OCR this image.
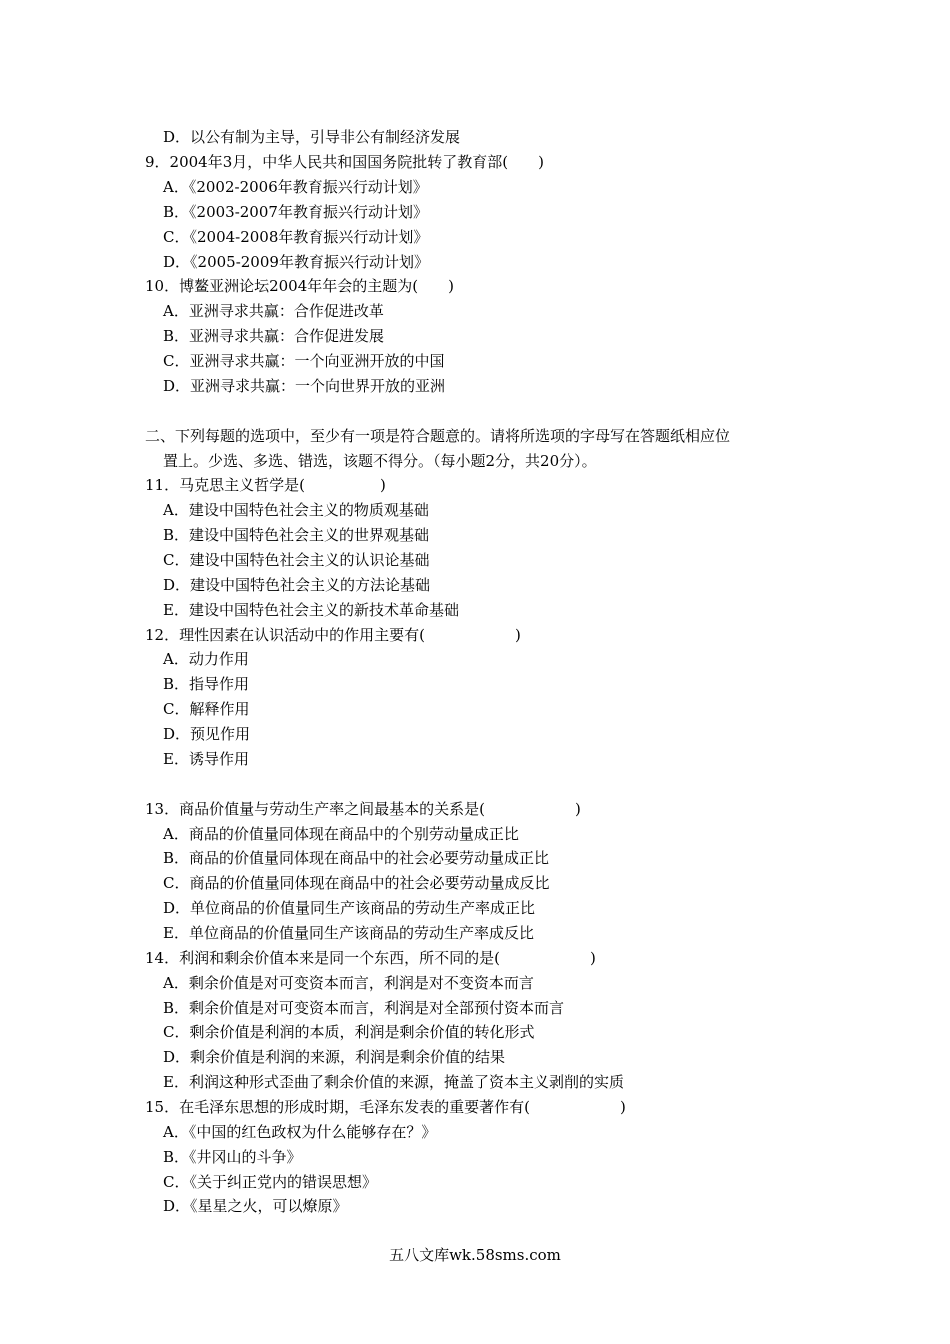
D．以公有制为主导，引导非公有制经济发展
9．2004年3月，中华人民共和国国务院批转了教育部(　　)
A．《2002-2006年教育振兴行动计划》
B．《2003-2007年教育振兴行动计划》
C．《2004-2008年教育振兴行动计划》
D．《2005-2009年教育振兴行动计划》
10．博鳌亚洲论坛2004年年会的主题为(　　)
A．亚洲寻求共赢：合作促进改革
B．亚洲寻求共赢：合作促进发展
C．亚洲寻求共赢：一个向亚洲开放的中国
D．亚洲寻求共赢：一个向世界开放的亚洲
二、下列每题的选项中，至少有一项是符合题意的。请将所选项的字母写在答题纸相应位
置上。少选、多选、错选，该题不得分。（每小题2分，共20分）。
11．马克思主义哲学是(　　　　　)
A．建设中国特色社会主义的物质观基础
B．建设中国特色社会主义的世界观基础
C．建设中国特色社会主义的认识论基础
D．建设中国特色社会主义的方法论基础
E．建设中国特色社会主义的新技术革命基础
12．理性因素在认识活动中的作用主要有(　　　　　　)
A．动力作用
B．指导作用
C．解释作用
D．预见作用
E．诱导作用
13．商品价值量与劳动生产率之间最基本的关系是(　　　　　　)
A．商品的价值量同体现在商品中的个别劳动量成正比
B．商品的价值量同体现在商品中的社会必要劳动量成正比
C．商品的价值量同体现在商品中的社会必要劳动量成反比
D．单位商品的价值量同生产该商品的劳动生产率成正比
E．单位商品的价值量同生产该商品的劳动生产率成反比
14．利润和剩余价值本来是同一个东西，所不同的是(　　　　　　)
A．剩余价值是对可变资本而言，利润是对不变资本而言
B．剩余价值是对可变资本而言，利润是对全部预付资本而言
C．剩余价值是利润的本质，利润是剩余价值的转化形式
D．剩余价值是利润的来源，利润是剩余价值的结果
E．利润这种形式歪曲了剩余价值的来源，掩盖了资本主义剥削的实质
15．在毛泽东思想的形成时期，毛泽东发表的重要著作有(　　　　　　)
A．《中国的红色政权为什么能够存在？》
B．《井冈山的斗争》
C．《关于纠正党内的错误思想》
D．《星星之火，可以燎原》
五八文库wk.58sms.com
